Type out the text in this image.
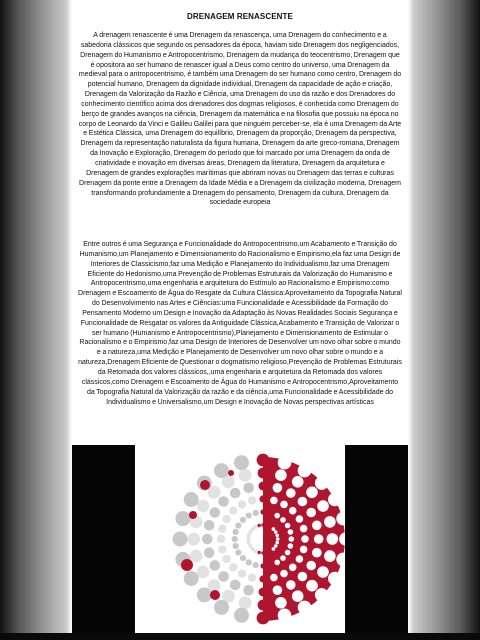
DRENAGEM RENASCENTE
A drenagem renascente é uma Drenagem da renascença, uma Drenagem do conhecimento e a sabedoria clássicos que segundo os pensadores da época, haviam sido Drenagem dos negligenciados, Drenagem do Humanismo e Antropocentrismo, Drenagem da mudança do teocentrismo, Drenagem que é opositora ao ser humano de renascer igual a Deus como centro do universo, uma Drenagem da medieval para o antropocentrismo, é também uma Drenagem do ser humano como centro, Drenagem do potencial humano, Drenagem da dignidade individual, Drenagem da capacidade de ação e criação, Drenagem da Valorização da Razão e Ciência, uma Drenagem do uso da razão e dos Drenadores do conhecimento científico acima dos drenadores dos dogmas religiosos, é conhecida como Drenagem do berço de grandes avanços na ciência, Drenagem da matemática e na filosofia que possuiu na época no corpo de Leonardo da Vinci e Galileu Galilei para que ninguém perceber-se, ela é uma Drenagem da Arte e Estética Clássica, uma Drenagem do equilíbrio, Drenagem da proporção, Drenagem da perspectiva, Drenagem da representação naturalista da figura humana, Drenagem da arte greco-romana, Drenagem da Inovação e Exploração, Drenagem do período que foi marcado por uma Drenagem da onda de criatividade e inovação em diversas áreas, Drenagem da literatura, Drenagem da arquitetura e Drenagem de grandes explorações marítimas que abriram novas ou Drenagem das terras e culturas Drenagem da ponte entre a Drenagem da Idade Média e a Drenagem da civilização moderna, Drenagem transformando profundamente a Drenagem do pensamento, Drenagem da cultura, Drenagem da sociedade europeia
Entre outros é uma Segurança e Funcionalidade do Antropocentrismo,um Acabamento e Transição do Humanismo,um Planejamento e Dimensionamento do Racionalismo e Empirismo,ela faz uma Design de Interiores de Classicismo,faz uma Medição e Planejamento do Individualismo,faz uma Drenagem Eficiente do Hedonismo,uma Prevenção de Problemas Estruturais da Valorização do Humanismo e Antropocentrismo,uma engenharia e arquitetura do Estímulo ao Racionalismo e Empirismo:como Drenagem e Escoamento de Água do Resgate da Cultura Clássica:Aproveitamento da Topografia Natural do Desenvolvimento nas Artes e Ciências:uma Funcionalidade e Acessibilidade da Formação do Pensamento Moderno um Design e Inovação da Adaptação às Novas Realidades Sociais Segurança e Funcionalidade de Resgatar os valores da Antiguidade Clássica,Acabamento e Transição de Valorizar o ser humano (Humanismo e Antropocentrismo),Planejamento e Dimensionamento de Estimular o Racionalismo e o Empirismo,faz uma Design de Interiores de Desenvolver um novo olhar sobre o mundo e a natureza,uma Medição e Planejamento de Desenvolver um novo olhar sobre o mundo e a natureza,Drenagem Eficiente de Questionar o dogmatismo religioso,Prevenção de Problemas Estruturais da Retomada dos valores clássicos,,uma engenharia e arquitetura da Retomada dos valores clássicos,como Drenagem e Escoamento de Água do Humanismo e Antropocentrismo,Aproveitamento da Topografia Natural da Valorização da razão e da ciência,uma Funcionalidade e Acessibilidade do Individualismo e Universalismo,um Design e Inovação de Novas perspectivas artísticas
